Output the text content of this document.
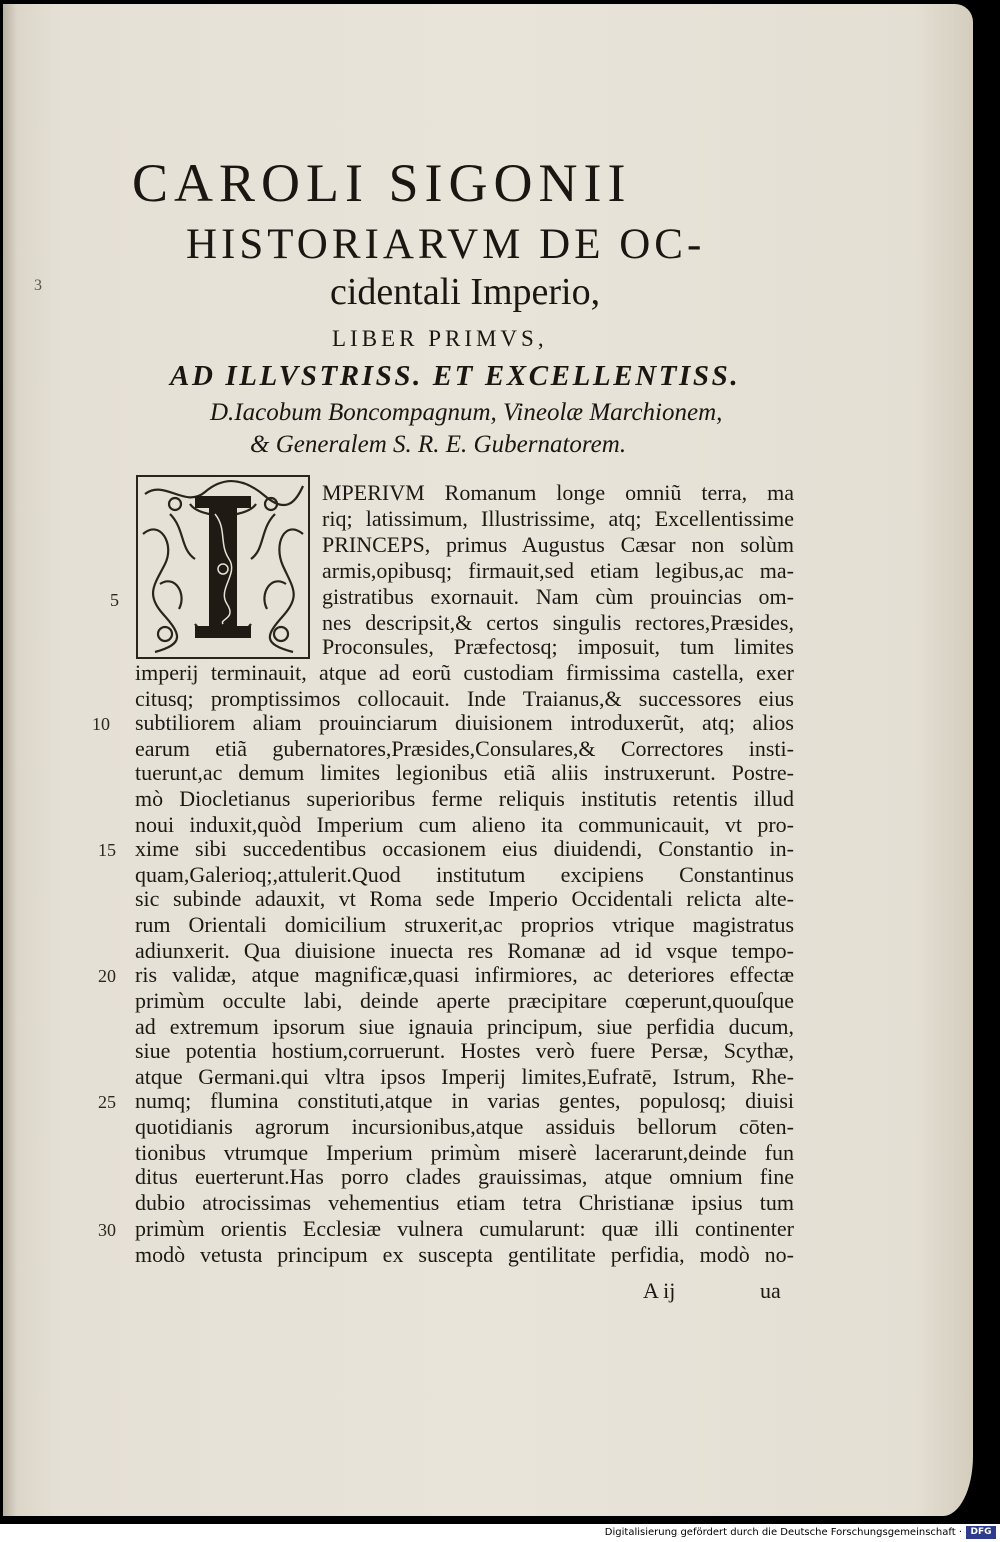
3

CAROLI SIGONII

HISTORIARVM DE OC-

cidentali Imperio,

LIBER PRIMVS,

AD ILLVSTRISS. ET EXCELLENTISS.

D.Iacobum Boncompagnum, Vineolæ Marchionem,

& Generalem S. R. E. Gubernatorem.

MPERIVM Romanum longe omniũ terra, ma

riq; latissimum, Illustrissime, atq; Excellentissime

PRINCEPS, primus Augustus Cæsar non solùm

armis,opibusq; firmauit,sed etiam legibus,ac ma-

gistratibus exornauit. Nam cùm prouincias om-

nes descripsit,& certos singulis rectores,Præsides,

Proconsules, Præfectosq; imposuit, tum limites

imperij terminauit, atque ad eorũ custodiam firmissima castella, exer

citusq; promptissimos collocauit. Inde Traianus,& successores eius

subtiliorem aliam prouinciarum diuisionem introduxerũt, atq; alios

earum etiã gubernatores,Præsides,Consulares,& Correctores insti-

tuerunt,ac demum limites legionibus etiã aliis instruxerunt. Postre-

mò Diocletianus superioribus ferme reliquis institutis retentis illud

noui induxit,quòd Imperium cum alieno ita communicauit, vt pro-

xime sibi succedentibus occasionem eius diuidendi, Constantio in-

quam,Galerioq;,attulerit.Quod institutum excipiens Constantinus

sic subinde adauxit, vt Roma sede Imperio Occidentali relicta alte-

rum Orientali domicilium struxerit,ac proprios vtrique magistratus

adiunxerit. Qua diuisione inuecta res Romanæ ad id vsque tempo-

ris validæ, atque magnificæ,quasi infirmiores, ac deteriores effectæ

primùm occulte labi, deinde aperte præcipitare cœperunt,quouſque

ad extremum ipsorum siue ignauia principum, siue perfidia ducum,

siue potentia hostium,corruerunt. Hostes verò fuere Persæ, Scythæ,

atque Germani.qui vltra ipsos Imperij limites,Eufratē, Istrum, Rhe-

numq; flumina constituti,atque in varias gentes, populosq; diuisi

quotidianis agrorum incursionibus,atque assiduis bellorum cōten-

tionibus vtrumque Imperium primùm miserè lacerarunt,deinde fun

ditus euerterunt.Has porro clades grauissimas, atque omnium fine

dubio atrocissimas vehementius etiam tetra Christianæ ipsius tum

primùm orientis Ecclesiæ vulnera cumularunt: quæ illi continenter

modò vetusta principum ex suscepta gentilitate perfidia, modò no-

5

10

15

20

25

30

A ij	ua
Digitalisierung gefördert durch die Deutsche Forschungsgemeinschaft · DFG
